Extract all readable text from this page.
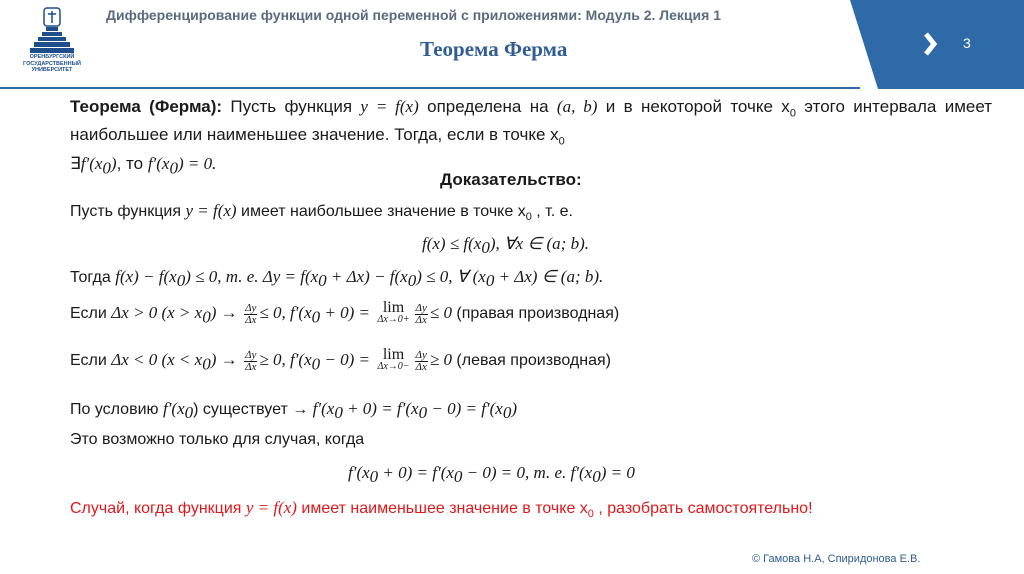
ОРЕНБУРГСКИЙ ГОСУДАРСТВЕННЫЙ УНИВЕРСИТЕТ
Дифференцирование функции одной переменной с приложениями: Модуль 2. Лекция 1
Теорема Ферма	3
Теорема (Ферма): Пусть функция y = f(x) определена на (a, b) и в некоторой точке $x_0$ этого интервала имеет наибольшее или наименьшее значение. Тогда, если в точке $x_0$
$\exists f'(x_0)$, то $f'(x_0) = 0$.
Доказательство:
Пусть функция y = f(x) имеет наибольшее значение в точке $x_0$ , т. е.
$f(x) \le f(x_0)$, ∀x ∈ (a; b).
Тогда $f(x) - f(x_0) \le 0$, т. е. $\Delta y = f(x_0 + \Delta x) - f(x_0) \le 0$, ∀ $(x_0 + \Delta x)$ ∈ (a; b).
Если Δx > 0 $(x > x_0) \to \frac{\Delta y}{\Delta x} \le 0$, $f'(x_0 + 0) = \lim$
$\Delta x\to 0+ \frac{\Delta y}{\Delta x} \le 0$ (правая производная)
Если Δx < 0 $(x < x_0) \to \frac{\Delta y}{\Delta x} \ge 0$, $f'(x_0 - 0) = \lim$
$\Delta x\to 0- \frac{\Delta y}{\Delta x} \ge 0$ (левая производная)
По условию $f'(x_0)$ существует → $f'(x_0 + 0) = f'(x_0 - 0) = f'(x_0)$
Это возможно только для случая, когда
$f'(x_0 + 0) = f'(x_0 - 0) = 0$, т. е. $f'(x_0) = 0$
Случай, когда функция y = f(x) имеет наименьшее значение в точке $x_0$ , разобрать самостоятельно!
© Гамова Н.А, Спиридонова Е.В.
